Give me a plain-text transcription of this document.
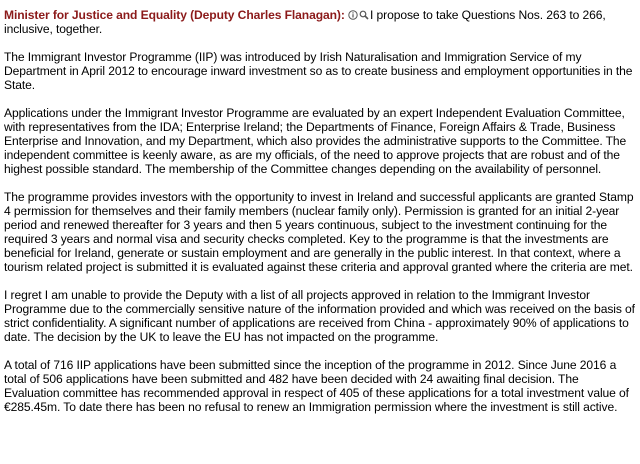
Minister for Justice and Equality (Deputy Charles Flanagan): I propose to take Questions Nos. 263 to 266, inclusive, together.

The Immigrant Investor Programme (IIP) was introduced by Irish Naturalisation and Immigration Service of my Department in April 2012 to encourage inward investment so as to create business and employment opportunities in the State.

Applications under the Immigrant Investor Programme are evaluated by an expert Independent Evaluation Committee, with representatives from the IDA; Enterprise Ireland; the Departments of Finance, Foreign Affairs & Trade, Business Enterprise and Innovation, and my Department, which also provides the administrative supports to the Committee. The independent committee is keenly aware, as are my officials, of the need to approve projects that are robust and of the highest possible standard. The membership of the Committee changes depending on the availability of personnel.

The programme provides investors with the opportunity to invest in Ireland and successful applicants are granted Stamp 4 permission for themselves and their family members (nuclear family only). Permission is granted for an initial 2-year period and renewed thereafter for 3 years and then 5 years continuous, subject to the investment continuing for the required 3 years and normal visa and security checks completed. Key to the programme is that the investments are beneficial for Ireland, generate or sustain employment and are generally in the public interest. In that context, where a tourism related project is submitted it is evaluated against these criteria and approval granted where the criteria are met.

I regret I am unable to provide the Deputy with a list of all projects approved in relation to the Immigrant Investor Programme due to the commercially sensitive nature of the information provided and which was received on the basis of strict confidentiality. A significant number of applications are received from China - approximately 90% of applications to date. The decision by the UK to leave the EU has not impacted on the programme.

A total of 716 IIP applications have been submitted since the inception of the programme in 2012. Since June 2016 a total of 506 applications have been submitted and 482 have been decided with 24 awaiting final decision. The Evaluation committee has recommended approval in respect of 405 of these applications for a total investment value of €285.45m. To date there has been no refusal to renew an Immigration permission where the investment is still active.
